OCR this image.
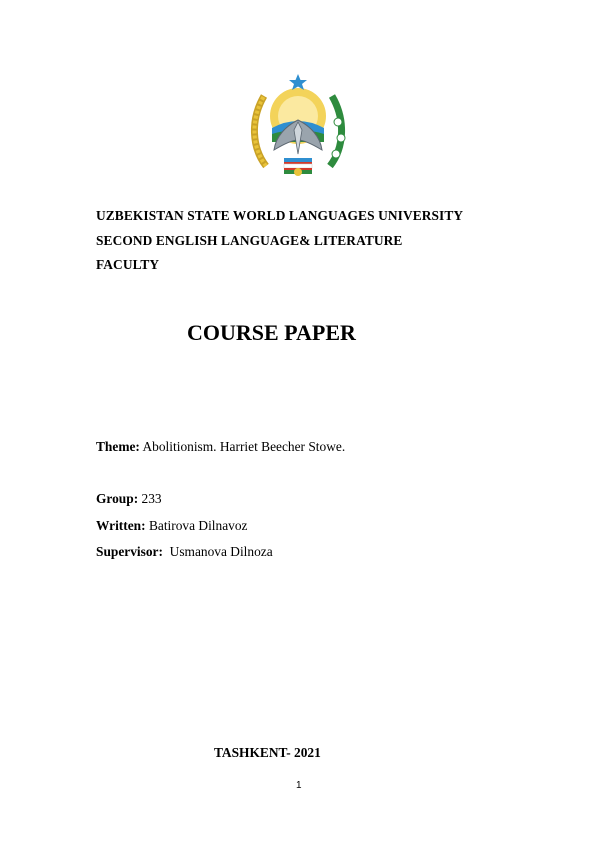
UZBEKISTAN STATE WORLD LANGUAGES UNIVERSITY
SECOND ENGLISH LANGUAGE& LITERATURE
FACULTY
COURSE PAPER
Theme: Abolitionism. Harriet Beecher Stowe.
Group: 233
Written: Batirova Dilnavoz
Supervisor:  Usmanova Dilnoza
TASHKENT- 2021
1
